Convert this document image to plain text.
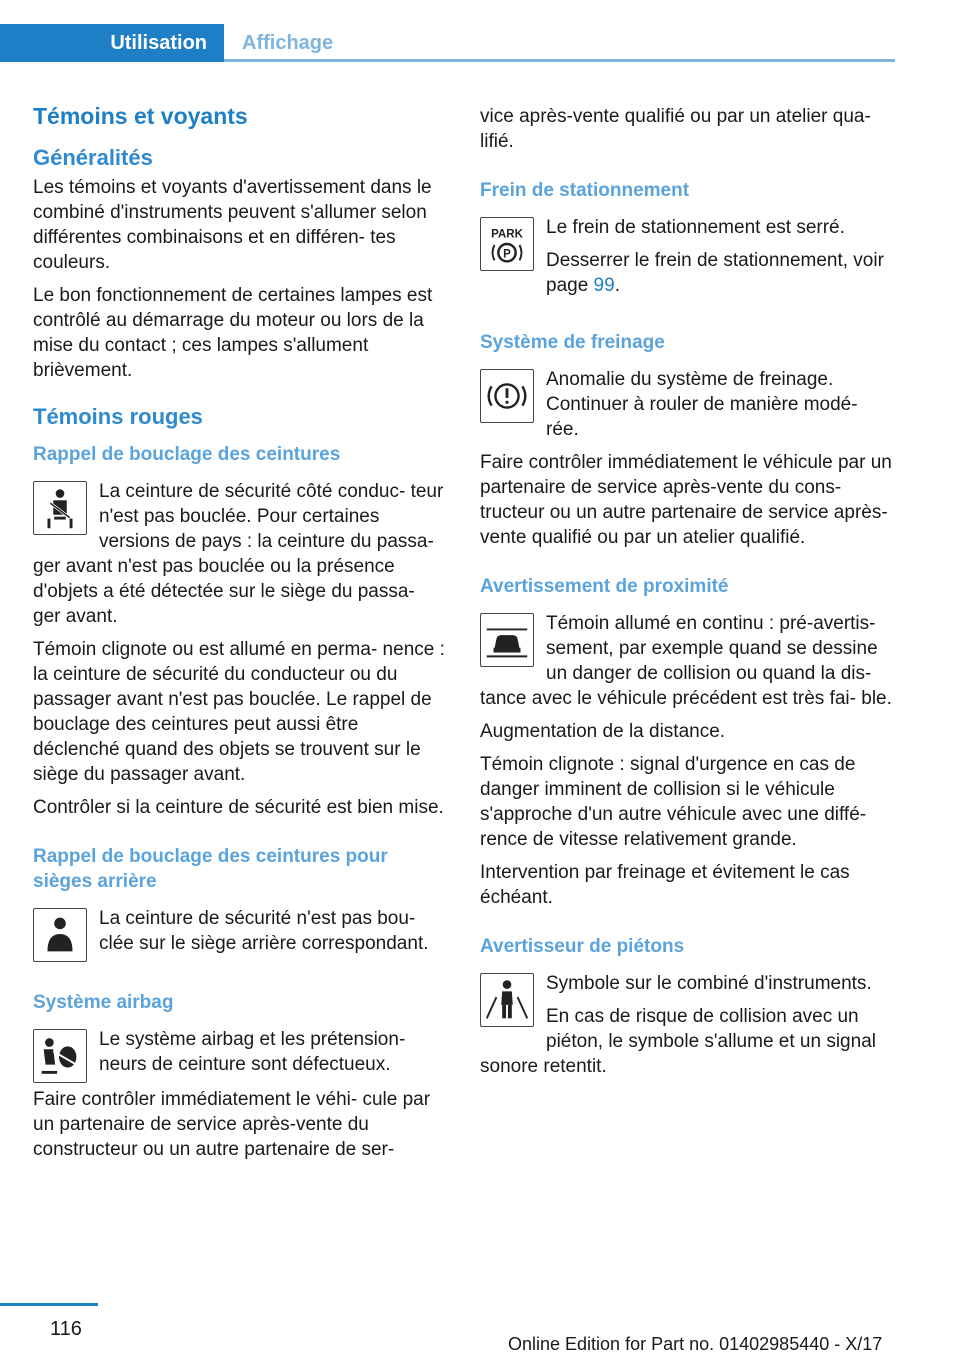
Utilisation	Affichage
Témoins et voyants
Généralités

Les témoins et voyants d'avertissement dans le combiné d'instruments peuvent s'allumer selon différentes combinaisons et en différen- tes couleurs.

Le bon fonctionnement de certaines lampes est contrôlé au démarrage du moteur ou lors de la mise du contact ; ces lampes s'allument brièvement.

Témoins rouges
Rappel de bouclage des ceintures

La ceinture de sécurité côté conduc- teur n'est pas bouclée. Pour certaines versions de pays : la ceinture du passa- ger avant n'est pas bouclée ou la présence d'objets a été détectée sur le siège du passa- ger avant.

Témoin clignote ou est allumé en perma- nence : la ceinture de sécurité du conducteur ou du passager avant n'est pas bouclée. Le rappel de bouclage des ceintures peut aussi être déclenché quand des objets se trouvent sur le siège du passager avant.

Contrôler si la ceinture de sécurité est bien mise.

Rappel de bouclage des ceintures pour sièges arrière

La ceinture de sécurité n'est pas bou- clée sur le siège arrière correspondant.

Système airbag

Le système airbag et les prétension- neurs de ceinture sont défectueux.

Faire contrôler immédiatement le véhi- cule par un partenaire de service après-vente du constructeur ou un autre partenaire de ser-

vice après-vente qualifié ou par un atelier qua- lifié.

Frein de stationnement
PARK
P

Le frein de stationnement est serré.

Desserrer le frein de stationnement, voir page 99.

Système de freinage

Anomalie du système de freinage. Continuer à rouler de manière modé- rée.

Faire contrôler immédiatement le véhicule par un partenaire de service après-vente du cons- tructeur ou un autre partenaire de service après-vente qualifié ou par un atelier qualifié.

Avertissement de proximité

Témoin allumé en continu : pré-avertis- sement, par exemple quand se dessine un danger de collision ou quand la dis- tance avec le véhicule précédent est très fai- ble.

Augmentation de la distance.

Témoin clignote : signal d'urgence en cas de danger imminent de collision si le véhicule s'approche d'un autre véhicule avec une diffé- rence de vitesse relativement grande.

Intervention par freinage et évitement le cas échéant.

Avertisseur de piétons

Symbole sur le combiné d'instruments.

En cas de risque de collision avec un piéton, le symbole s'allume et un signal sonore retentit.

116
Online Edition for Part no. 01402985440 - X/17
